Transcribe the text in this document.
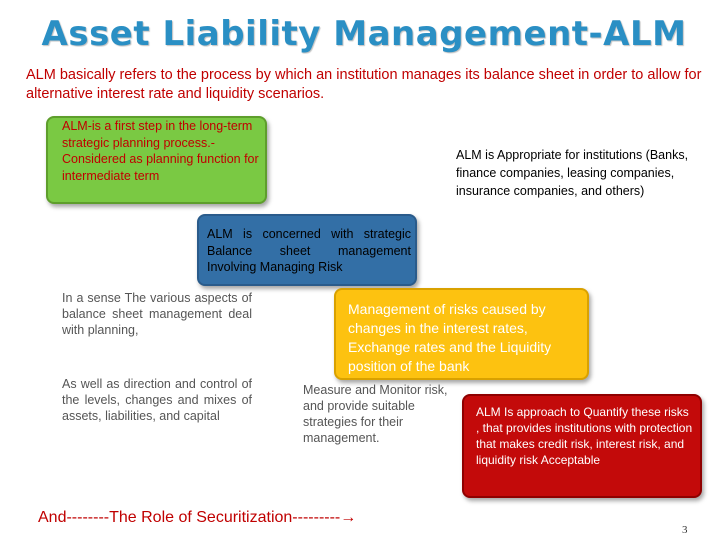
Asset Liability Management-ALM
ALM basically refers to the process by which an institution manages its balance sheet in order to allow for alternative interest rate and liquidity scenarios.

ALM-is a first step in the long-term strategic planning process.-Considered as planning function for intermediate term

ALM is Appropriate for institutions (Banks, finance companies, leasing companies, insurance companies, and others)

ALM is concerned with strategic Balance sheet management Involving Managing Risk

In a sense The various aspects of balance sheet management deal with planning,
As well as direction and control of the levels, changes and mixes of assets, liabilities, and capital

Management of risks caused by changes in the interest rates, Exchange rates and the Liquidity position of the bank

Measure and Monitor risk, and provide suitable strategies for their management.

ALM Is approach to Quantify these risks , that provides institutions with protection that makes credit risk, interest risk, and liquidity risk Acceptable

And--------The Role of Securitization---------→
3
